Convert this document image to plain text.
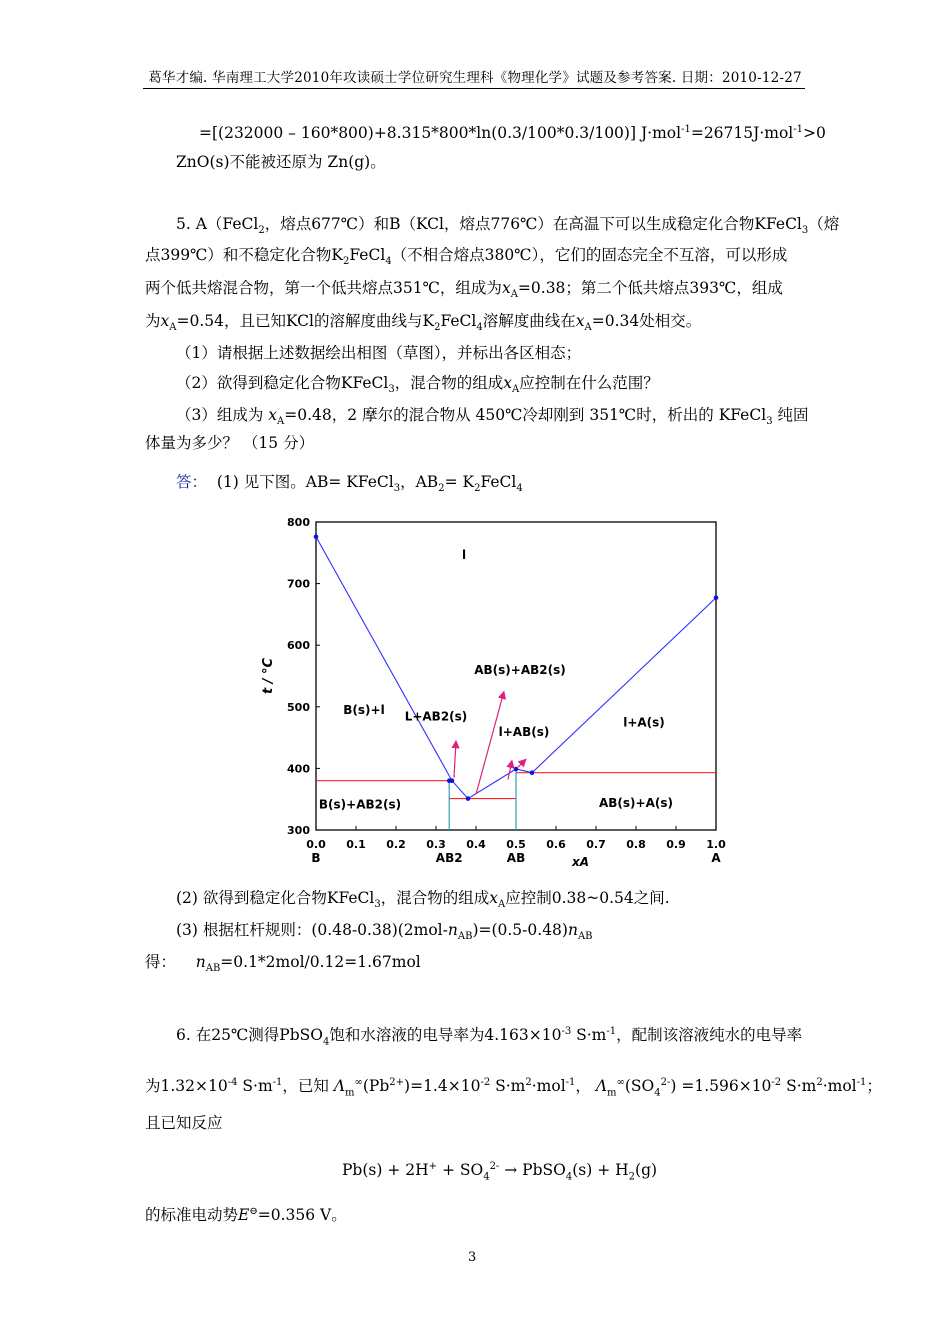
葛华才编. 华南理工大学2010年攻读硕士学位研究生理科《物理化学》试题及参考答案. 日期：2010-12-27
=[(232000 – 160*800)+8.315*800*ln(0.3/100*0.3/100)] J·mol$^{-1}$=26715J·mol$^{-1}$>0
ZnO(s)不能被还原为 Zn(g)。
5. A（FeCl$_2$，熔点677℃）和B（KCl，熔点776℃）在高温下可以生成稳定化合物KFeCl$_3$（熔
点399℃）和不稳定化合物$K_2FeCl_4$（不相合熔点380℃），它们的固态完全不互溶，可以形成
两个低共熔混合物，第一个低共熔点351℃，组成为$x_A=0.38$；第二个低共熔点393℃，组成
为$x_A=0.54$，且已知KCl的溶解度曲线与$K_2FeCl_4$溶解度曲线在$x_A=0.34$处相交。
（1）请根据上述数据绘出相图（草图），并标出各区相态；
（2）欲得到稳定化合物KFeCl$_3$，混合物的组成$x_A$应控制在什么范围？
（3）组成为 $x_A=0.48$，2 摩尔的混合物从 450℃冷却刚到 351℃时，析出的 KFeCl$_3$ 纯固
体量为多少？ （15 分）
答： (1) 见下图。AB= KFeCl$_3$，$AB_2=$ $K_2FeCl_4$
0.0 0.1 0.2 0.3 0.4 0.5 0.6 0.7 0.8 0.9 1.0
300
400
500
600
700
800
B	AB2	AB	A
xA
t / °C
l
B(s)+l
B(s)+AB2(s)
L+AB2(s)
AB(s)+AB2(s)
l+AB(s)
l+A(s)
AB(s)+A(s)
(2) 欲得到稳定化合物KFeCl$_3$，混合物的组成$x_A$应控制0.38~0.54之间.
(3) 根据杠杆规则：$(0.48-0.38)(2mol-n_{AB})=(0.5-0.48)n_{AB}$
得： $n_{AB}=0.1*2mol/0.12=1.67mol$
6. 在25℃测得PbSO$_4$饱和水溶液的电导率为$4.163\times 10^{-3}$ $S\cdot m^{-1}$，配制该溶液纯水的电导率
为$1.32\times 10^{-4}$ $S\cdot m^{-1}$，已知 $\Lambda_m^\infty(Pb^{2+})=1.4\times 10^{-2}$ $S\cdot m^2\cdot mol^{-1}$， $\Lambda_m^\infty(SO_4^{2-}) =1.596\times 10^{-2}$ $S\cdot m^2\cdot mol^{-1}$；
且已知反应
$Pb(s) + 2H^+ + SO_4^{2-}$ → PbSO$_4$(s) + $H_2(g)$
的标准电动势E⊖=0.356 V。
3
